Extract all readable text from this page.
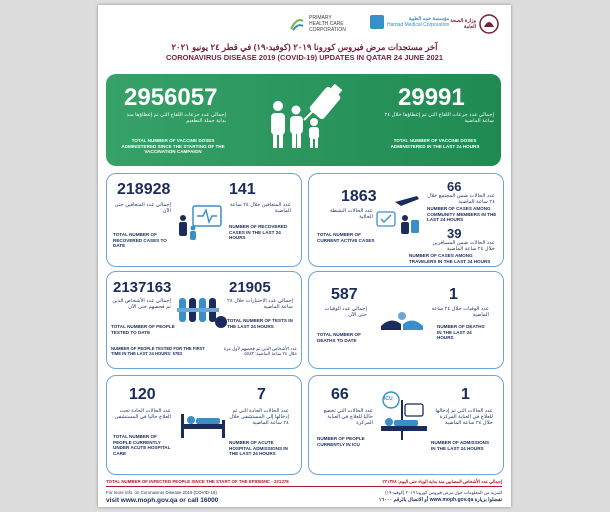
PRIMARY HEALTH CARE CORPORATION
مؤسسة حمد الطبية
Hamad Medical Corporation
وزارة الصحة العامة
آخر مستجدات مرض فيروس كورونا ٢٠١٩ (كوفيد-١٩) في قطر ٢٤ يونيو ٢٠٢١
CORONAVIRUS DISEASE 2019 (COVID-19) UPDATES IN QATAR 24 JUNE 2021
2956057
إجمالي عدد جرعات اللقاح التي تم إعطاؤها منذ بداية حملة التطعيم
TOTAL NUMBER OF VACCINE DOSES ADMINISTERED SINCE THE STARTING OF THE VACCINATION CAMPAIGN
29991
إجمالي عدد جرعات اللقاح التي تم إعطاؤها خلال ٢٤ ساعة الماضية
TOTAL NUMBER OF VACCINE DOSES ADMINISTERED IN THE LAST 24 HOURS
218928
إجمالي عدد المتعافين حتى الآن
TOTAL NUMBER OF RECOVERED CASES TO DATE
141
عدد المتعافين خلال ٢٤ ساعة الماضية
NUMBER OF RECOVERED CASES IN THE LAST 24 HOURS
1863
عدد الحالات النشطة الحالية
TOTAL NUMBER OF CURRENT ACTIVE CASES
66
عدد الحالات ضمن المجتمع خلال ٢٤ ساعة الماضية
NUMBER OF CASES AMONG COMMUNITY MEMBERS IN THE LAST 24 HOURS
39
عدد الحالات ضمن المسافرين خلال ٢٤ ساعة الماضية
NUMBER OF CASES AMONG TRAVELERS IN THE LAST 24 HOURS
2137163
إجمالي عدد الأشخاص الذين تم فحصهم حتى الآن
TOTAL NUMBER OF PEOPLE TESTED TO DATE
21905
إجمالي عدد الاختبارات خلال ٢٤ ساعة الماضية
TOTAL NUMBER OF TESTS IN THE LAST 24 HOURS
NUMBER OF PEOPLE TESTED FOR THE FIRST TIME IN THE LAST 24 HOURS: 5783
عدد الأشخاص الذين تم فحصهم لأول مرة خلال ٢٤ ساعة الماضية: ٥٧٨٣
587
إجمالي عدد الوفيات حتى الآن
TOTAL NUMBER OF DEATHS TO DATE
1
عدد الوفيات خلال ٢٤ ساعة الماضية
NUMBER OF DEATHS IN THE LAST 24 HOURS
120
عدد الحالات الحادة تحت العلاج حاليا في المستشفى
TOTAL NUMBER OF PEOPLE CURRENTLY UNDER ACUTE HOSPITAL CARE
7
عدد الحالات الحادة التي تم إدخالها إلى المستشفى خلال ٢٤ ساعة الماضية
NUMBER OF ACUTE HOSPITAL ADMISSIONS IN THE LAST 24 HOURS
66
عدد الحالات التي تخضع حاليا للعلاج في العناية المركزة
NUMBER OF PEOPLE CURRENTLY IN ICU
ICU	1
عدد الحالات التي تم إدخالها للعلاج في العناية المركزة خلال ٢٤ ساعة الماضية
NUMBER OF ADMISSIONS IN THE LAST 24 HOURS
TOTAL NUMBER OF INFECTED PEOPLE SINCE THE START OF THE EPIDEMIC - 221378	إجمالي عدد الأشخاص المصابين منذ بداية الوباء حتى اليوم: ٢٢١٣٧٨
For more info. on Coronavirus Disease 2019 (COVID-19)
visit www.moph.gov.qa or call 16000
للمزيد من المعلومات حول مرض فيروس كورونا ٢٠١٩ (كوفيد-١٩)
تفضلوا بزيارة www.moph.gov.qa أو الاتصال بالرقم ١٦٠٠٠
